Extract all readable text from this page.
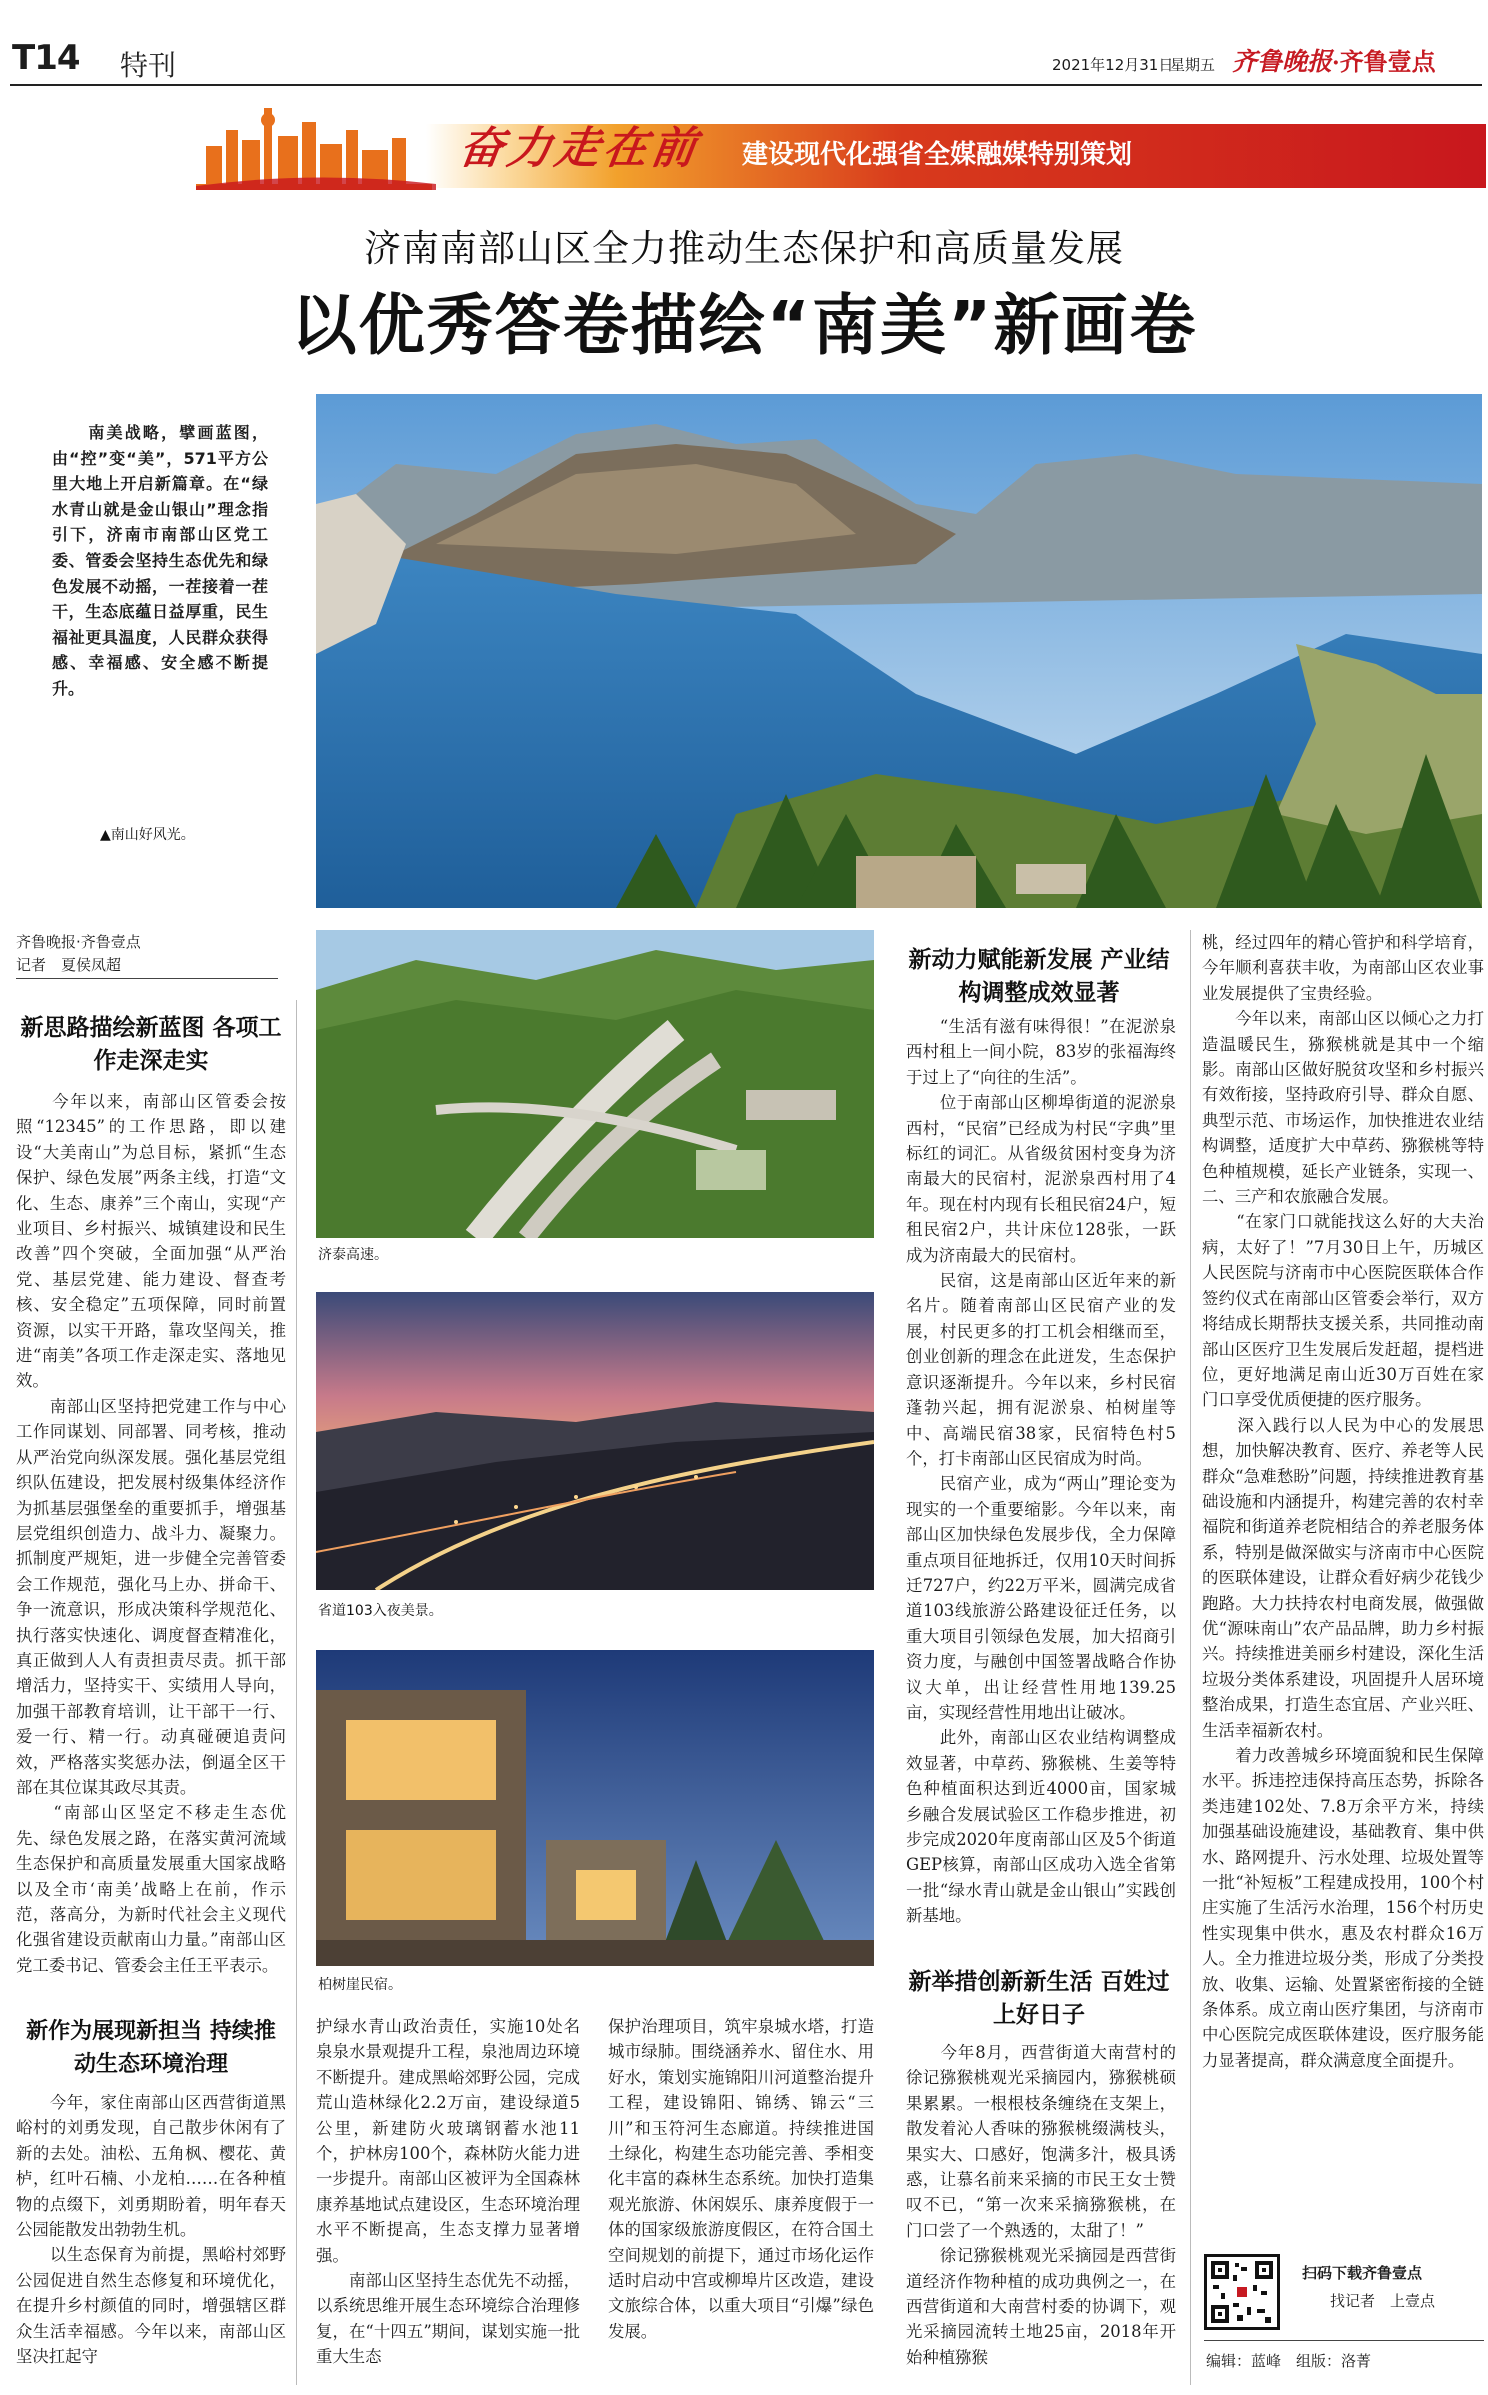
T14 特刊	2021年12月31日
星期五 齐鲁晚报·齐鲁壹点
奋力走在前 建设现代化强省全媒融媒特别策划
济南南部山区全力推动生态保护和高质量发展
以优秀答卷描绘“南美”新画卷
　　南美战略，擘画蓝图，由“控”变“美”，571平方公里大地上开启新篇章。在“绿水青山就是金山银山”理念指引下，济南市南部山区党工委、管委会坚持生态优先和绿色发展不动摇，一茬接着一茬干，生态底蕴日益厚重，民生福祉更具温度，人民群众获得感、幸福感、安全感不断提升。
▲南山好风光。
齐鲁晚报·齐鲁壹点
记者　夏侯凤超
新思路描绘新蓝图 各项工作走深走实
　　今年以来，南部山区管委会按照“12345”的工作思路，即以建设“大美南山”为总目标，紧抓“生态保护、绿色发展”两条主线，打造“文化、生态、康养”三个南山，实现“产业项目、乡村振兴、城镇建设和民生改善”四个突破，全面加强“从严治党、基层党建、能力建设、督查考核、安全稳定”五项保障，同时前置资源，以实干开路，靠攻坚闯关，推进“南美”各项工作走深走实、落地见效。
　　南部山区坚持把党建工作与中心工作同谋划、同部署、同考核，推动从严治党向纵深发展。强化基层党组织队伍建设，把发展村级集体经济作为抓基层强堡垒的重要抓手，增强基层党组织创造力、战斗力、凝聚力。抓制度严规矩，进一步健全完善管委会工作规范，强化马上办、拼命干、争一流意识，形成决策科学规范化、执行落实快速化、调度督查精准化，真正做到人人有责担责尽责。抓干部增活力，坚持实干、实绩用人导向，加强干部教育培训，让干部干一行、爱一行、精一行。动真碰硬追责问效，严格落实奖惩办法，倒逼全区干部在其位谋其政尽其责。
　　“南部山区坚定不移走生态优先、绿色发展之路，在落实黄河流域生态保护和高质量发展重大国家战略以及全市‘南美’战略上在前，作示范，落高分，为新时代社会主义现代化强省建设贡献南山力量。”南部山区党工委书记、管委会主任王平表示。
新作为展现新担当 持续推动生态环境治理
　　今年，家住南部山区西营街道黑峪村的刘勇发现，自己散步休闲有了新的去处。油松、五角枫、樱花、黄栌，红叶石楠、小龙柏……在各种植物的点缀下，刘勇期盼着，明年春天公园能散发出勃勃生机。
　　以生态保育为前提，黑峪村郊野公园促进自然生态修复和环境优化，在提升乡村颜值的同时，增强辖区群众生活幸福感。今年以来，南部山区坚决扛起守
济泰高速。
省道103入夜美景。
柏树崖民宿。
护绿水青山政治责任，实施10处名泉泉水景观提升工程，泉池周边环境不断提升。建成黑峪郊野公园，完成荒山造林绿化2.2万亩，建设绿道5公里，新建防火玻璃钢蓄水池11个，护林房100个，森林防火能力进一步提升。南部山区被评为全国森林康养基地试点建设区，生态环境治理水平不断提高，生态支撑力显著增强。
　　南部山区坚持生态优先不动摇，以系统思维开展生态环境综合治理修复，在“十四五”期间，谋划实施一批重大生态
保护治理项目，筑牢泉城水塔，打造城市绿肺。围绕涵养水、留住水、用好水，策划实施锦阳川河道整治提升工程，建设锦阳、锦绣、锦云“三川”和玉符河生态廊道。持续推进国土绿化，构建生态功能完善、季相变化丰富的森林生态系统。加快打造集观光旅游、休闲娱乐、康养度假于一体的国家级旅游度假区，在符合国土空间规划的前提下，通过市场化运作适时启动中宫或柳埠片区改造，建设文旅综合体，以重大项目“引爆”绿色发展。
新动力赋能新发展 产业结构调整成效显著
　　“生活有滋有味得很！”在泥淤泉西村租上一间小院，83岁的张福海终于过上了“向往的生活”。
　　位于南部山区柳埠街道的泥淤泉西村，“民宿”已经成为村民“字典”里标红的词汇。从省级贫困村变身为济南最大的民宿村，泥淤泉西村用了4年。现在村内现有长租民宿24户，短租民宿2户，共计床位128张，一跃成为济南最大的民宿村。
　　民宿，这是南部山区近年来的新名片。随着南部山区民宿产业的发展，村民更多的打工机会相继而至，创业创新的理念在此迸发，生态保护意识逐渐提升。今年以来，乡村民宿蓬勃兴起，拥有泥淤泉、柏树崖等中、高端民宿38家，民宿特色村5个，打卡南部山区民宿成为时尚。
　　民宿产业，成为“两山”理论变为现实的一个重要缩影。今年以来，南部山区加快绿色发展步伐，全力保障重点项目征地拆迁，仅用10天时间拆迁727户，约22万平米，圆满完成省道103线旅游公路建设征迁任务，以重大项目引领绿色发展，加大招商引资力度，与融创中国签署战略合作协议大单，出让经营性用地139.25亩，实现经营性用地出让破冰。
　　此外，南部山区农业结构调整成效显著，中草药、猕猴桃、生姜等特色种植面积达到近4000亩，国家城乡融合发展试验区工作稳步推进，初步完成2020年度南部山区及5个街道GEP核算，南部山区成功入选全省第一批“绿水青山就是金山银山”实践创新基地。
新举措创新新生活 百姓过上好日子
　　今年8月，西营街道大南营村的徐记猕猴桃观光采摘园内，猕猴桃硕果累累。一根根枝条缠绕在支架上，散发着沁人香味的猕猴桃缀满枝头，果实大、口感好，饱满多汁，极具诱惑，让慕名前来采摘的市民王女士赞叹不已，“第一次来采摘猕猴桃，在门口尝了一个熟透的，太甜了！”
　　徐记猕猴桃观光采摘园是西营街道经济作物种植的成功典例之一，在西营街道和大南营村委的协调下，观光采摘园流转土地25亩，2018年开始种植猕猴
桃，经过四年的精心管护和科学培育，今年顺利喜获丰收，为南部山区农业事业发展提供了宝贵经验。
　　今年以来，南部山区以倾心之力打造温暖民生，猕猴桃就是其中一个缩影。南部山区做好脱贫攻坚和乡村振兴有效衔接，坚持政府引导、群众自愿、典型示范、市场运作，加快推进农业结构调整，适度扩大中草药、猕猴桃等特色种植规模，延长产业链条，实现一、二、三产和农旅融合发展。
　　“在家门口就能找这么好的大夫治病，太好了！”7月30日上午，历城区人民医院与济南市中心医院医联体合作签约仪式在南部山区管委会举行，双方将结成长期帮扶支援关系，共同推动南部山区医疗卫生发展后发赶超，提档进位，更好地满足南山近30万百姓在家门口享受优质便捷的医疗服务。
　　深入践行以人民为中心的发展思想，加快解决教育、医疗、养老等人民群众“急难愁盼”问题，持续推进教育基础设施和内涵提升，构建完善的农村幸福院和街道养老院相结合的养老服务体系，特别是做深做实与济南市中心医院的医联体建设，让群众看好病少花钱少跑路。大力扶持农村电商发展，做强做优“源味南山”农产品品牌，助力乡村振兴。持续推进美丽乡村建设，深化生活垃圾分类体系建设，巩固提升人居环境整治成果，打造生态宜居、产业兴旺、生活幸福新农村。
　　着力改善城乡环境面貌和民生保障水平。拆违控违保持高压态势，拆除各类违建102处、7.8万余平方米，持续加强基础设施建设，基础教育、集中供水、路网提升、污水处理、垃圾处置等一批“补短板”工程建成投用，100个村庄实施了生活污水治理，156个村历史性实现集中供水，惠及农村群众16万人。全力推进垃圾分类，形成了分类投放、收集、运输、处置紧密衔接的全链条体系。成立南山医疗集团，与济南市中心医院完成医联体建设，医疗服务能力显著提高，群众满意度全面提升。
扫码下载齐鲁壹点
找记者　上壹点
编辑：蓝峰　组版：洛菁
